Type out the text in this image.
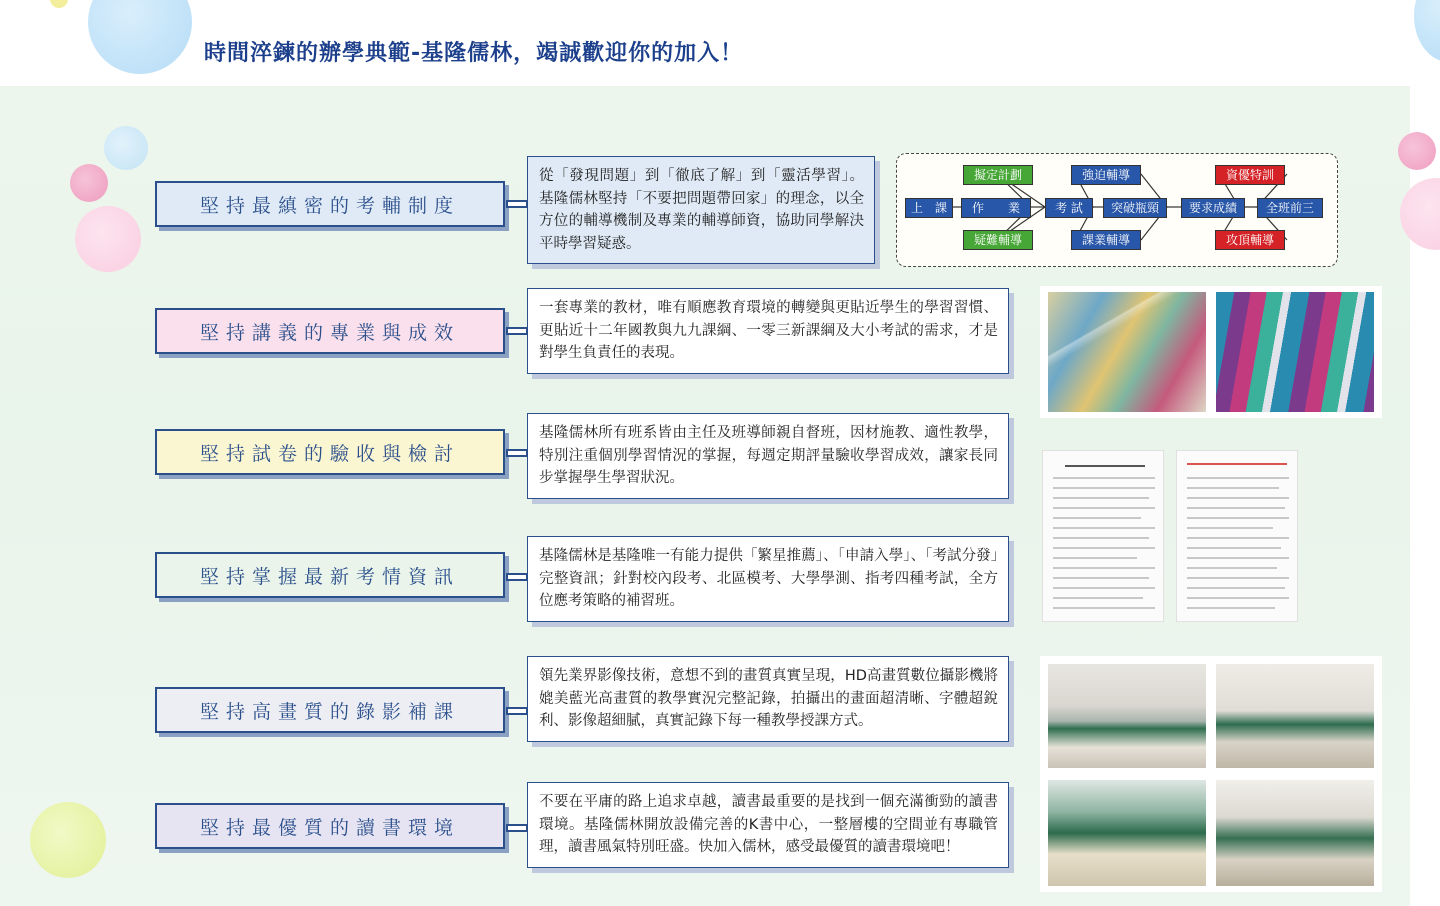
時間淬鍊的辦學典範-基隆儒林，竭誠歡迎你的加入！
堅持最縝密的考輔制度
從「發現問題」到「徹底了解」到「靈活學習」。基隆儒林堅持「不要把問題帶回家」的理念，以全方位的輔導機制及專業的輔導師資，協助同學解決平時學習疑惑。
堅持講義的專業與成效
一套專業的教材，唯有順應教育環境的轉變與更貼近學生的學習習慣、更貼近十二年國教與九九課綱、一零三新課綱及大小考試的需求，才是對學生負責任的表現。
堅持試卷的驗收與檢討
基隆儒林所有班系皆由主任及班導師親自督班，因材施教、適性教學，特別注重個別學習情況的掌握，每週定期評量驗收學習成效，讓家長同步掌握學生學習狀況。
堅持掌握最新考情資訊
基隆儒林是基隆唯一有能力提供「繁星推薦」、「申請入學」、「考試分發」完整資訊；針對校內段考、北區模考、大學學測、指考四種考試，全方位應考策略的補習班。
堅持高畫質的錄影補課
領先業界影像技術，意想不到的畫質真實呈現，HD高畫質數位攝影機將媲美藍光高畫質的教學實況完整記錄，拍攝出的畫面超清晰、字體超銳利、影像超細膩，真實記錄下每一種教學授課方式。
堅持最優質的讀書環境
不要在平庸的路上追求卓越，讀書最重要的是找到一個充滿衝勁的讀書環境。基隆儒林開放設備完善的K書中心，一整層樓的空間並有專職管理，讀書風氣特別旺盛。快加入儒林，感受最優質的讀書環境吧！
上　課	作　　業
擬定計劃
疑難輔導
考 試
強迫輔導
突破瓶頸
課業輔導
要求成績
資優特訓
全班前三
攻頂輔導
